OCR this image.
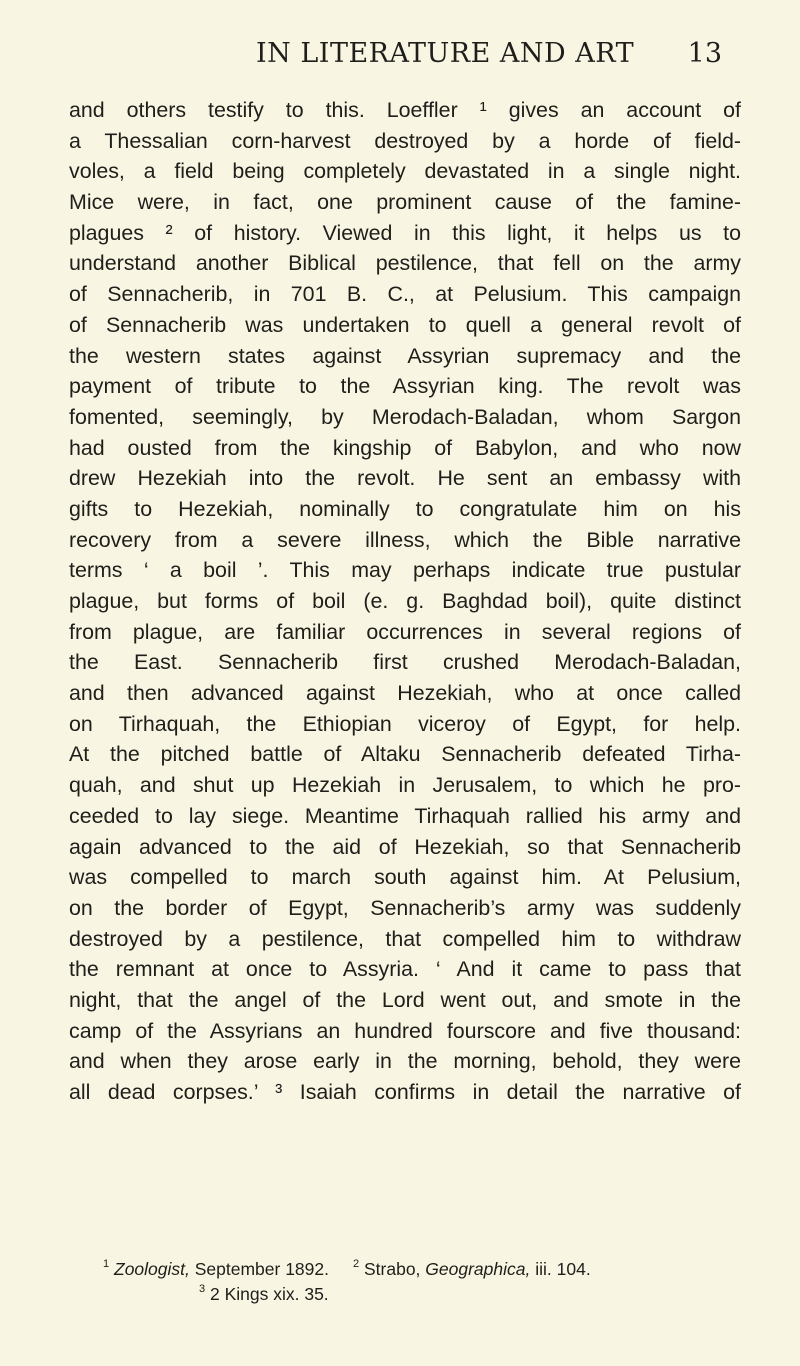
IN LITERATURE AND ART 13
and others testify to this. Loeffler ¹ gives an account of
a Thessalian corn-harvest destroyed by a horde of field-
voles, a field being completely devastated in a single night.
Mice were, in fact, one prominent cause of the famine-
plagues ² of history. Viewed in this light, it helps us to
understand another Biblical pestilence, that fell on the army
of Sennacherib, in 701 B. C., at Pelusium. This campaign
of Sennacherib was undertaken to quell a general revolt of
the western states against Assyrian supremacy and the
payment of tribute to the Assyrian king. The revolt was
fomented, seemingly, by Merodach-Baladan, whom Sargon
had ousted from the kingship of Babylon, and who now
drew Hezekiah into the revolt. He sent an embassy with
gifts to Hezekiah, nominally to congratulate him on his
recovery from a severe illness, which the Bible narrative
terms ‘ a boil ’. This may perhaps indicate true pustular
plague, but forms of boil (e. g. Baghdad boil), quite distinct
from plague, are familiar occurrences in several regions of
the East. Sennacherib first crushed Merodach-Baladan,
and then advanced against Hezekiah, who at once called
on Tirhaquah, the Ethiopian viceroy of Egypt, for help.
At the pitched battle of Altaku Sennacherib defeated Tirha-
quah, and shut up Hezekiah in Jerusalem, to which he pro-
ceeded to lay siege. Meantime Tirhaquah rallied his army and
again advanced to the aid of Hezekiah, so that Sennacherib
was compelled to march south against him. At Pelusium,
on the border of Egypt, Sennacherib’s army was suddenly
destroyed by a pestilence, that compelled him to withdraw
the remnant at once to Assyria. ‘ And it came to pass that
night, that the angel of the Lord went out, and smote in the
camp of the Assyrians an hundred fourscore and five thousand:
and when they arose early in the morning, behold, they were
all dead corpses.’ ³ Isaiah confirms in detail the narrative of
$^1$ Zoologist, September 1892. $^2$ Strabo, Geographica, iii. 104.
$^3$ 2 Kings xix. 35.
